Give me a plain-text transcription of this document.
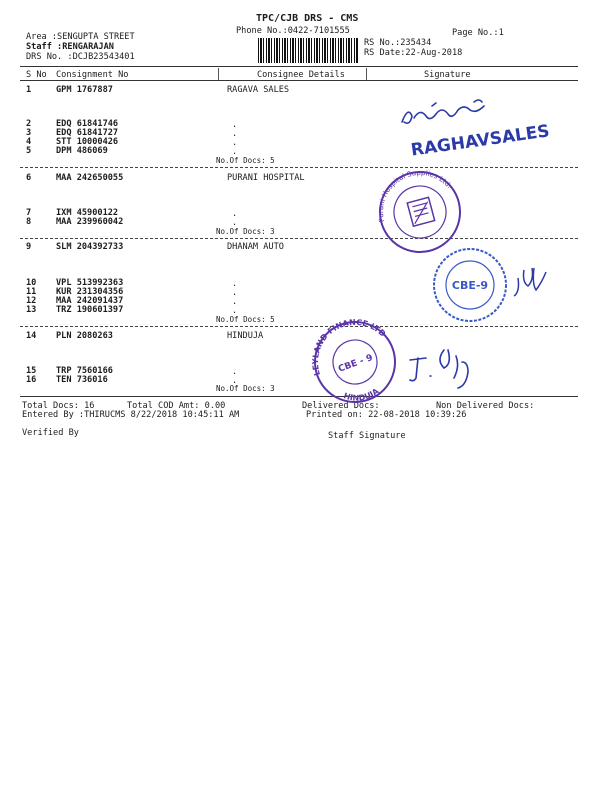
TPC/CJB DRS - CMS
Phone No.:0422-7101555	Page No.:1
Area :SENGUPTA STREET
Staff :RENGARAJAN
DRS No. :DCJB23543401
RS No.:235434
RS Date:22-Aug-2018
S No Consignment No	Consignee Details	Signature
1	GPM 1767887	RAGAVA SALES
2	EDQ 61841746
3	EDQ 61841727
4	STT 10000426
5	DPM 486069
.
.
.
.
No.Of Docs: 5
6	MAA 242650055	PURANI HOSPITAL
7	IXM 45900122
8	MAA 239960042
.
.
No.Of Docs: 3
9	SLM 204392733	DHANAM AUTO
10 VPL 513992363
11 KUR 231304356
12 MAA 242091437
13 TRZ 190601397
.
.
.
.
No.Of Docs: 5
14 PLN 2080263	HINDUJA
15 TRP 7560166
16 TEN 736016
.
.
No.Of Docs: 3
Total Docs: 16	Total COD Amt: 0.00	Delivered Docs:	Non Delivered Docs:
Entered By :THIRUCMS 8/22/2018 10:45:11 AM	Printed on: 22-08-2018 10:39:26
Verified By	Staff Signature
RAGHAVSALES
Purani Hospital Supplies Ltd.
CBE-9
LEYLAND FINANCE LTD
HINDUJA
CBE - 9
